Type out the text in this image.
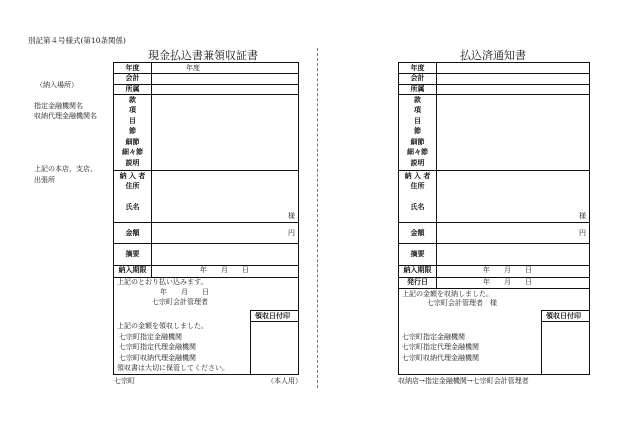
別記第４号様式(第10条関係)
現金払込書兼領収証書
（納入場所）
指定金融機関名
収納代理金融機関名
上記の本店、支店、
出張所
年度	年度
会計
所属
款
項
目
節
細節
細々節
説明
納 入 者
住所
氏名
様
金額	円
摘要
納入期限	年　　月　　日
上記のとおり払い込みます。
年　　月　　日
七宗町会計管理者
上記の金額を領収しました。
七宗町指定金融機関
七宗町指定代理金融機関
七宗町収納代理金融機関
領収書は大切に保管してください。
領収日付印
七宗町	（本人用）
払込済通知書
年度
会計
所属
款
項
目
節
細節
細々節
説明
納 入 者
住所
氏名
様
金額	円
摘要
納入期限	年　　月　　日
発行日	年　　月　　日
上記の金額を収納しました。
七宗町会計管理者　様
七宗町指定金融機関
七宗町指定代理金融機関
七宗町収納代理金融機関
領収日付印
収納店→指定金融機関→七宗町会計管理者
